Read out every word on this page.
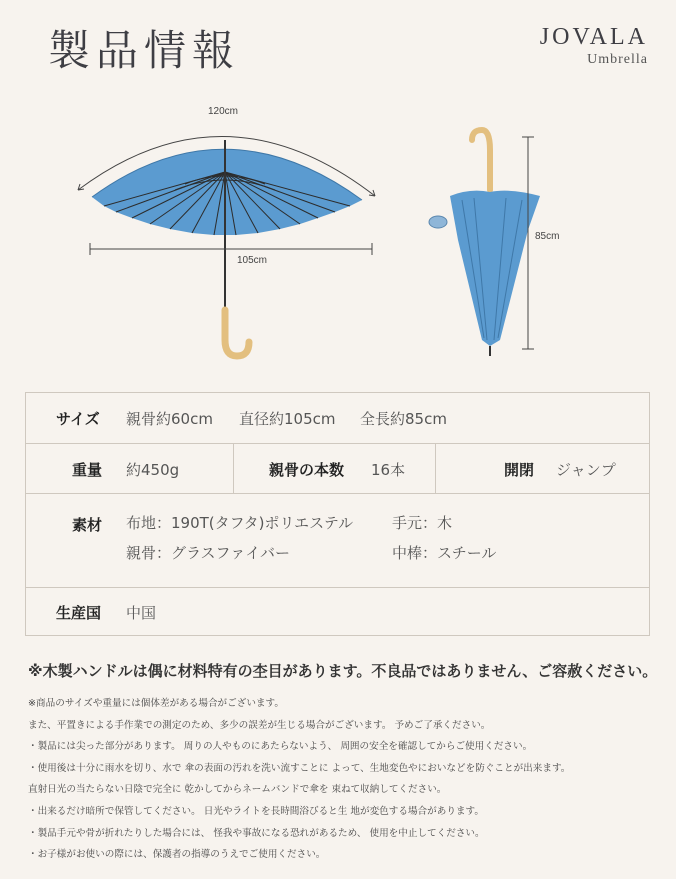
製品情報	JOVALA
Umbrella
120cm
105cm
85cm
サイズ 親骨約60cm 直径約105cm 全長約85cm
重量 約450g	親骨の本数 16本	開閉 ジャンプ
素材 布地：190T(タフタ)ポリエステル	手元：木
親骨：グラスファイバー	中棒：スチール
生産国 中国
※木製ハンドルは偶に材料特有の杢目があります。不良品ではありません、ご容赦ください。
※商品のサイズや重量には個体差がある場合がございます。
また、平置きによる手作業での測定のため、多少の誤差が生じる場合がございます。 予めご了承ください。
・製品には尖った部分があります。 周りの人やものにあたらないよう、 周囲の安全を確認してからご使用ください。
・使用後は十分に雨水を切り、水で 傘の表面の汚れを洗い流すことに よって、生地変色やにおいなどを防ぐことが出来ます。
直射日光の当たらない日陰で完全に 乾かしてからネームバンドで傘を 束ねて収納してください。
・出来るだけ暗所で保管してください。 日光やライトを長時間浴びると生 地が変色する場合があります。
・製品手元や骨が折れたりした場合には、 怪我や事故になる恐れがあるため、 使用を中止してください。
・お子様がお使いの際には、保護者の指導のうえでご使用ください。
